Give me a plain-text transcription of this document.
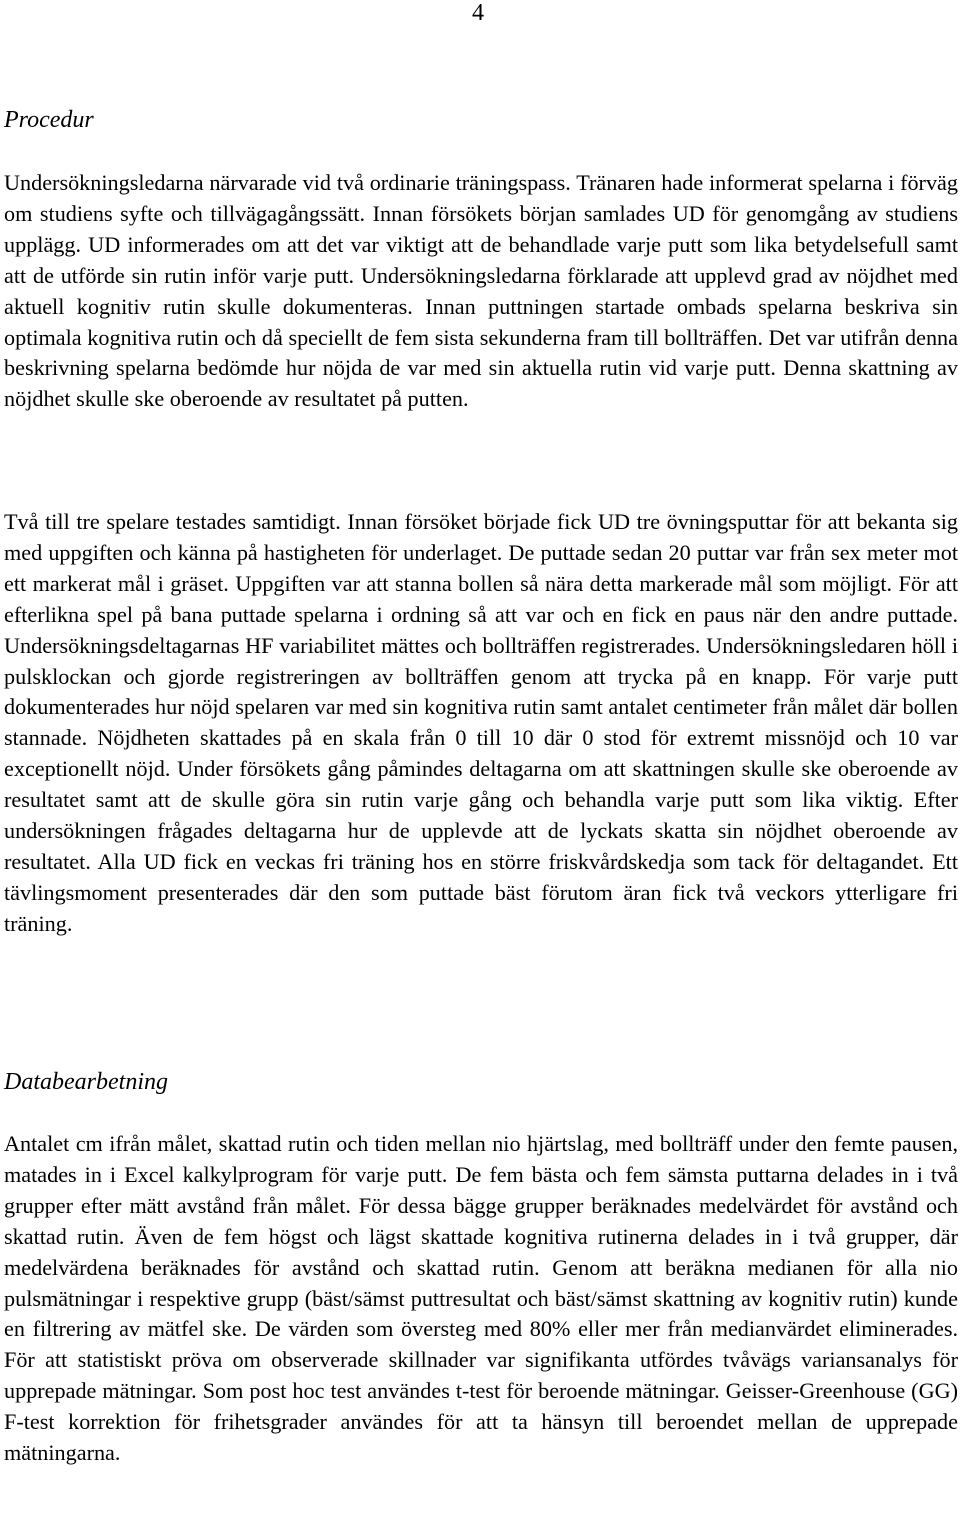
4
Procedur

Undersökningsledarna närvarade vid två ordinarie träningspass. Tränaren hade informerat spelarna i förväg om studiens syfte och tillvägagångssätt. Innan försökets början samlades UD för genomgång av studiens upplägg. UD informerades om att det var viktigt att de behandlade varje putt som lika betydelsefull samt att de utförde sin rutin inför varje putt. Undersökningsledarna förklarade att upplevd grad av nöjdhet med aktuell kognitiv rutin skulle dokumenteras. Innan puttningen startade ombads spelarna beskriva sin optimala kognitiva rutin och då speciellt de fem sista sekunderna fram till bollträffen. Det var utifrån denna beskrivning spelarna bedömde hur nöjda de var med sin aktuella rutin vid varje putt. Denna skattning av nöjdhet skulle ske oberoende av resultatet på putten.

Två till tre spelare testades samtidigt. Innan försöket började fick UD tre övningsputtar för att bekanta sig med uppgiften och känna på hastigheten för underlaget. De puttade sedan 20 puttar var från sex meter mot ett markerat mål i gräset. Uppgiften var att stanna bollen så nära detta markerade mål som möjligt. För att efterlikna spel på bana puttade spelarna i ordning så att var och en fick en paus när den andre puttade. Undersökningsdeltagarnas HF variabilitet mättes och bollträffen registrerades. Undersökningsledaren höll i pulsklockan och gjorde registreringen av bollträffen genom att trycka på en knapp. För varje putt dokumenterades hur nöjd spelaren var med sin kognitiva rutin samt antalet centimeter från målet där bollen stannade. Nöjdheten skattades på en skala från 0 till 10 där 0 stod för extremt missnöjd och 10 var exceptionellt nöjd. Under försökets gång påmindes deltagarna om att skattningen skulle ske oberoende av resultatet samt att de skulle göra sin rutin varje gång och behandla varje putt som lika viktig. Efter undersökningen frågades deltagarna hur de upplevde att de lyckats skatta sin nöjdhet oberoende av resultatet. Alla UD fick en veckas fri träning hos en större friskvårdskedja som tack för deltagandet. Ett tävlingsmoment presenterades där den som puttade bäst förutom äran fick två veckors ytterligare fri träning.

Databearbetning

Antalet cm ifrån målet, skattad rutin och tiden mellan nio hjärtslag, med bollträff under den femte pausen, matades in i Excel kalkylprogram för varje putt. De fem bästa och fem sämsta puttarna delades in i två grupper efter mätt avstånd från målet. För dessa bägge grupper beräknades medelvärdet för avstånd och skattad rutin. Även de fem högst och lägst skattade kognitiva rutinerna delades in i två grupper, där medelvärdena beräknades för avstånd och skattad rutin. Genom att beräkna medianen för alla nio pulsmätningar i respektive grupp (bäst/sämst puttresultat och bäst/sämst skattning av kognitiv rutin) kunde en filtrering av mätfel ske. De värden som översteg med 80% eller mer från medianvärdet eliminerades. För att statistiskt pröva om observerade skillnader var signifikanta utfördes tvåvägs variansanalys för upprepade mätningar. Som post hoc test användes t-test för beroende mätningar. Geisser-Greenhouse (GG) F-test korrektion för frihetsgrader användes för att ta hänsyn till beroendet mellan de upprepade mätningarna.
